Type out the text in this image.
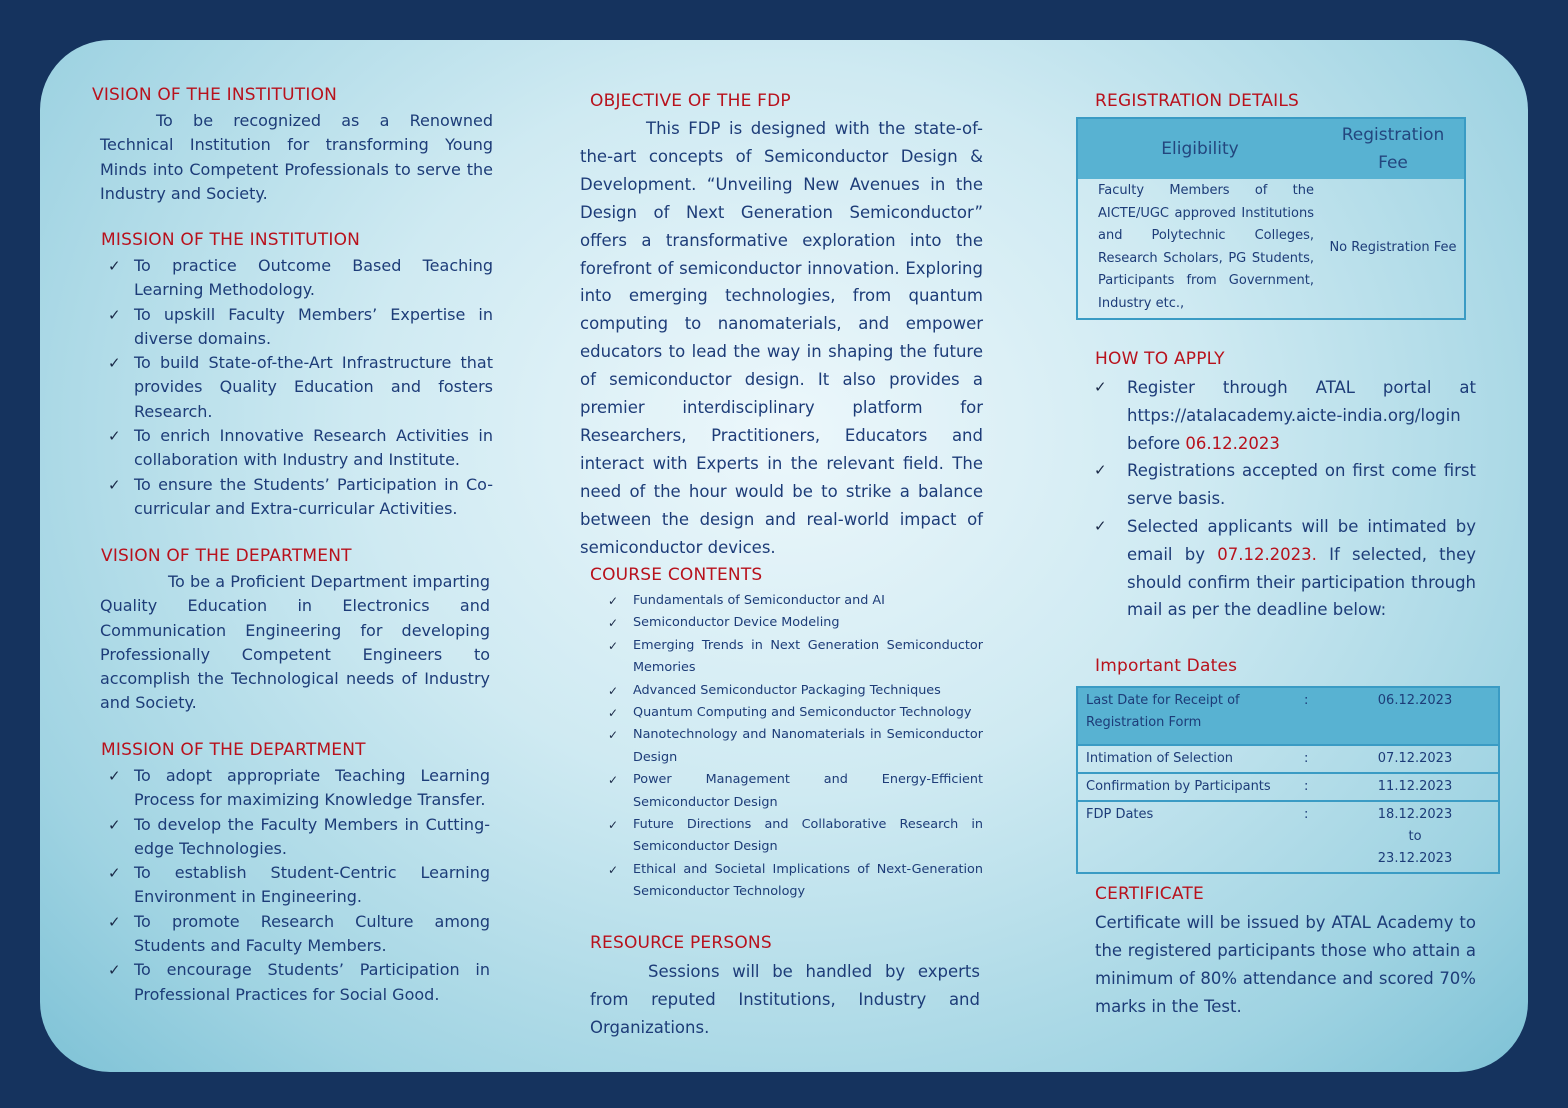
VISION OF THE INSTITUTION

To be recognized as a Renowned Technical Institution for transforming Young Minds into Competent Professionals to serve the Industry and Society.

MISSION OF THE INSTITUTION
✓ To practice Outcome Based Teaching Learning Methodology.
✓ To upskill Faculty Members’ Expertise in diverse domains.
✓ To build State-of-the-Art Infrastructure that provides Quality Education and fosters Research.
✓ To enrich Innovative Research Activities in collaboration with Industry and Institute.
✓ To ensure the Students’ Participation in Co-curricular and Extra-curricular Activities.
VISION OF THE DEPARTMENT

To be a Proficient Department imparting Quality Education in Electronics and Communication Engineering for developing Professionally Competent Engineers to accomplish the Technological needs of Industry and Society.

MISSION OF THE DEPARTMENT
✓ To adopt appropriate Teaching Learning Process for maximizing Knowledge Transfer.
✓ To develop the Faculty Members in Cutting-edge Technologies.
✓ To establish Student-Centric Learning Environment in Engineering.
✓ To promote Research Culture among Students and Faculty Members.
✓ To encourage Students’ Participation in Professional Practices for Social Good.
OBJECTIVE OF THE FDP

This FDP is designed with the state-of-the-art concepts of Semiconductor Design & Development. “Unveiling New Avenues in the Design of Next Generation Semiconductor” offers a transformative exploration into the forefront of semiconductor innovation. Exploring into emerging technologies, from quantum computing to nanomaterials, and empower educators to lead the way in shaping the future of semiconductor design. It also provides a premier interdisciplinary platform for Researchers, Practitioners, Educators and interact with Experts in the relevant field. The need of the hour would be to strike a balance between the design and real-world impact of semiconductor devices.

COURSE CONTENTS
✓ Fundamentals of Semiconductor and AI
✓ Semiconductor Device Modeling
✓ Emerging Trends in Next Generation Semiconductor Memories
✓ Advanced Semiconductor Packaging Techniques
✓ Quantum Computing and Semiconductor Technology
✓ Nanotechnology and Nanomaterials in Semiconductor Design
✓ Power Management and Energy-Efficient Semiconductor Design
✓ Future Directions and Collaborative Research in Semiconductor Design
✓ Ethical and Societal Implications of Next-Generation Semiconductor Technology
RESOURCE PERSONS

Sessions will be handled by experts from reputed Institutions, Industry and Organizations.

REGISTRATION DETAILS
Eligibility	Registration Fee
Faculty Members of the AICTE/UGC approved Institutions and Polytechnic Colleges, Research Scholars, PG Students, Participants from Government, Industry etc.,	No Registration Fee
HOW TO APPLY
✓ Register through ATAL portal at https://atalacademy.aicte-india.org/login before 06.12.2023
✓ Registrations accepted on first come first serve basis.
✓ Selected applicants will be intimated by email by 07.12.2023. If selected, they should confirm their participation through mail as per the deadline below:
Important Dates
Last Date for Receipt of Registration Form	:	06.12.2023
Intimation of Selection	:	07.12.2023
Confirmation by Participants	:	11.12.2023
FDP Dates	:	18.12.2023 to 23.12.2023
CERTIFICATE

Certificate will be issued by ATAL Academy to the registered participants those who attain a minimum of 80% attendance and scored 70% marks in the Test.
